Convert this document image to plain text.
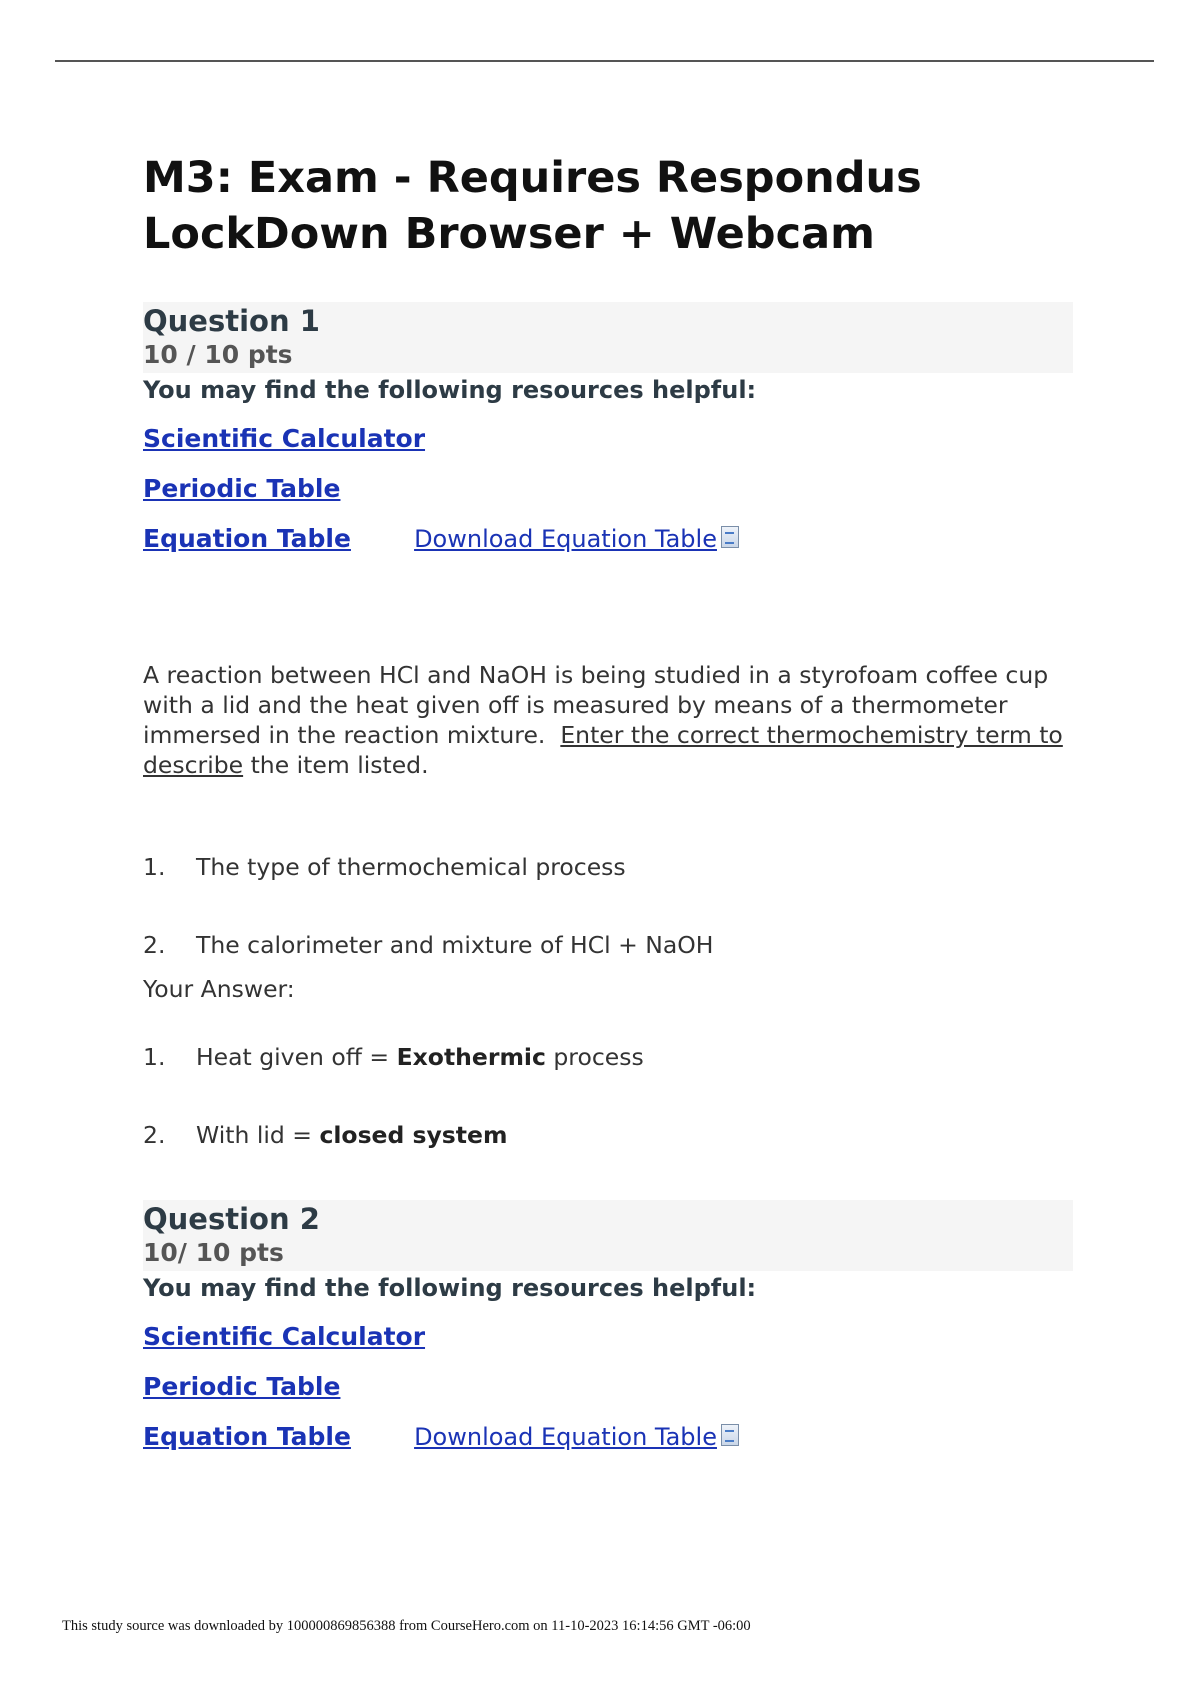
M3: Exam - Requires Respondus LockDown Browser + Webcam
Question 1
10 / 10 pts
You may find the following resources helpful:
Scientific Calculator
Periodic Table
Equation Table	Download Equation Table
A reaction between HCl and NaOH is being studied in a styrofoam coffee cup with a lid and the heat given off is measured by means of a thermometer immersed in the reaction mixture. Enter the correct thermochemistry term to describe the item listed.
1. The type of thermochemical process
2. The calorimeter and mixture of HCl + NaOH
Your Answer:
1. Heat given off = Exothermic process
2. With lid = closed system
Question 2
10/ 10 pts
You may find the following resources helpful:
Scientific Calculator
Periodic Table
Equation Table	Download Equation Table
This study source was downloaded by 100000869856388 from CourseHero.com on 11-10-2023 16:14:56 GMT -06:00
